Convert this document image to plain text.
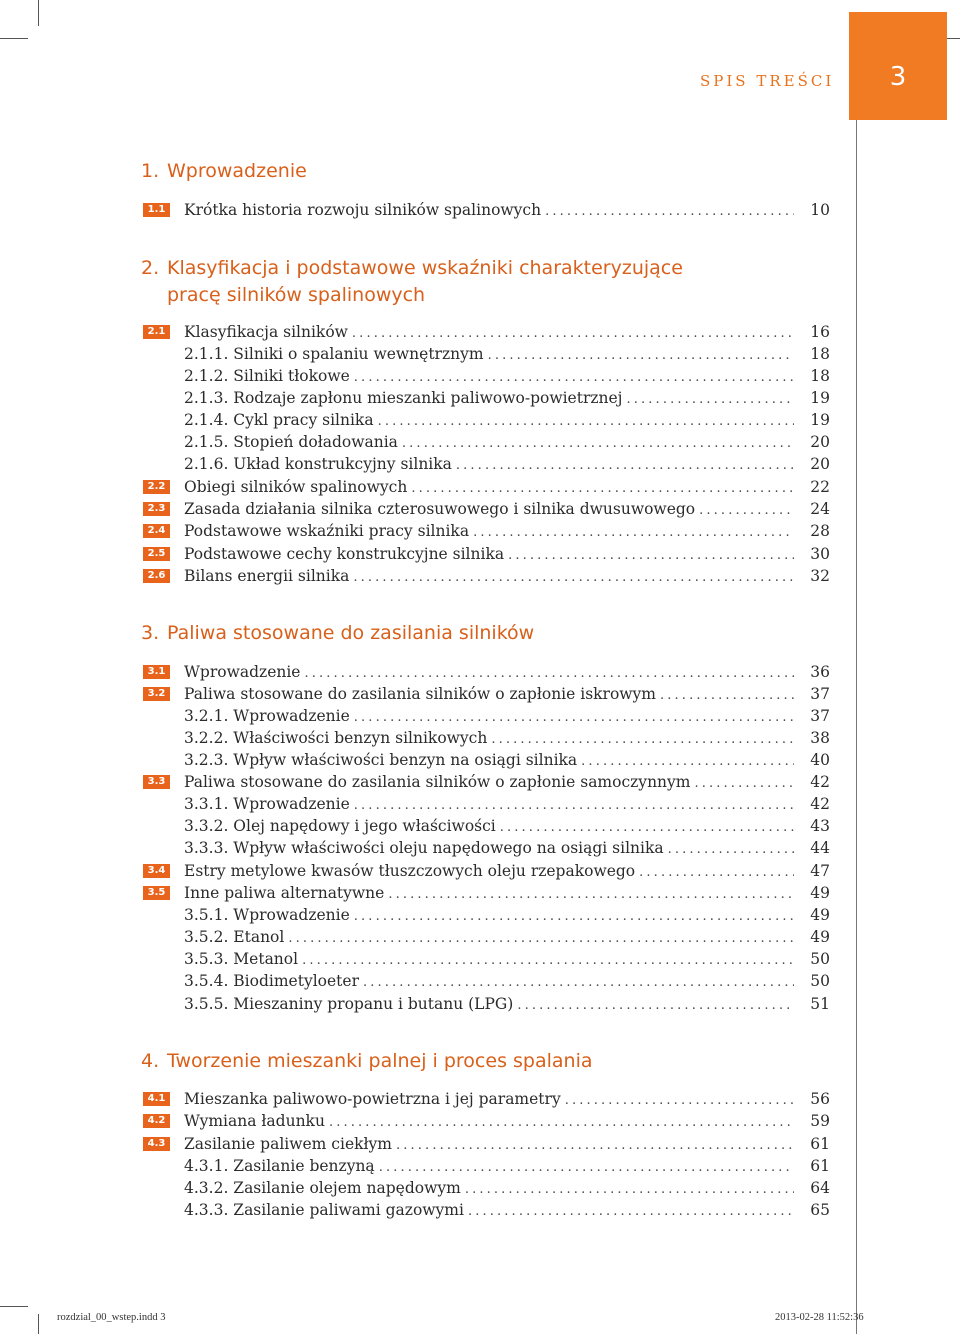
SPIS TREŚCI	3
1. Wprowadzenie
2. Klasyfikacja i podstawowe wskaźniki charakteryzujące
pracę silników spalinowych
3. Paliwa stosowane do zasilania silników
4. Tworzenie mieszanki palnej i proces spalania
1.1 Krótka historia rozwoju silników spalinowych . . .	10
2.1 Klasyfikacja silników . . .	16
2.1.1. Silniki o spalaniu wewnętrznym . . .	18
2.1.2. Silniki tłokowe . . .	18
2.1.3. Rodzaje zapłonu mieszanki paliwowo-powietrznej . . .	19
2.1.4. Cykl pracy silnika . . .	19
2.1.5. Stopień doładowania . . .	20
2.1.6. Układ konstrukcyjny silnika . . .	20
2.2 Obiegi silników spalinowych . . .	22
2.3 Zasada działania silnika czterosuwowego i silnika dwusuwowego . . .	24
2.4 Podstawowe wskaźniki pracy silnika . . .	28
2.5 Podstawowe cechy konstrukcyjne silnika . . .	30
2.6 Bilans energii silnika . . .	32
3.1 Wprowadzenie . . .	36
3.2 Paliwa stosowane do zasilania silników o zapłonie iskrowym . . .	37
3.2.1. Wprowadzenie . . .	37
3.2.2. Właściwości benzyn silnikowych . . .	38
3.2.3. Wpływ właściwości benzyn na osiągi silnika . . .	40
3.3 Paliwa stosowane do zasilania silników o zapłonie samoczynnym . . .	42
3.3.1. Wprowadzenie . . .	42
3.3.2. Olej napędowy i jego właściwości . . .	43
3.3.3. Wpływ właściwości oleju napędowego na osiągi silnika . . .	44
3.4 Estry metylowe kwasów tłuszczowych oleju rzepakowego . . .	47
3.5 Inne paliwa alternatywne . . .	49
3.5.1. Wprowadzenie . . .	49
3.5.2. Etanol . . .	49
3.5.3. Metanol . . .	50
3.5.4. Biodimetyloeter . . .	50
3.5.5. Mieszaniny propanu i butanu (LPG) . . .	51
4.1 Mieszanka paliwowo-powietrzna i jej parametry . . .	56
4.2 Wymiana ładunku . . .	59
4.3 Zasilanie paliwem ciekłym . . .	61
4.3.1. Zasilanie benzyną . . .	61
4.3.2. Zasilanie olejem napędowym . . .	64
4.3.3. Zasilanie paliwami gazowymi . . .	65
rozdzial_00_wstep.indd 3	2013-02-28 11:52:36
